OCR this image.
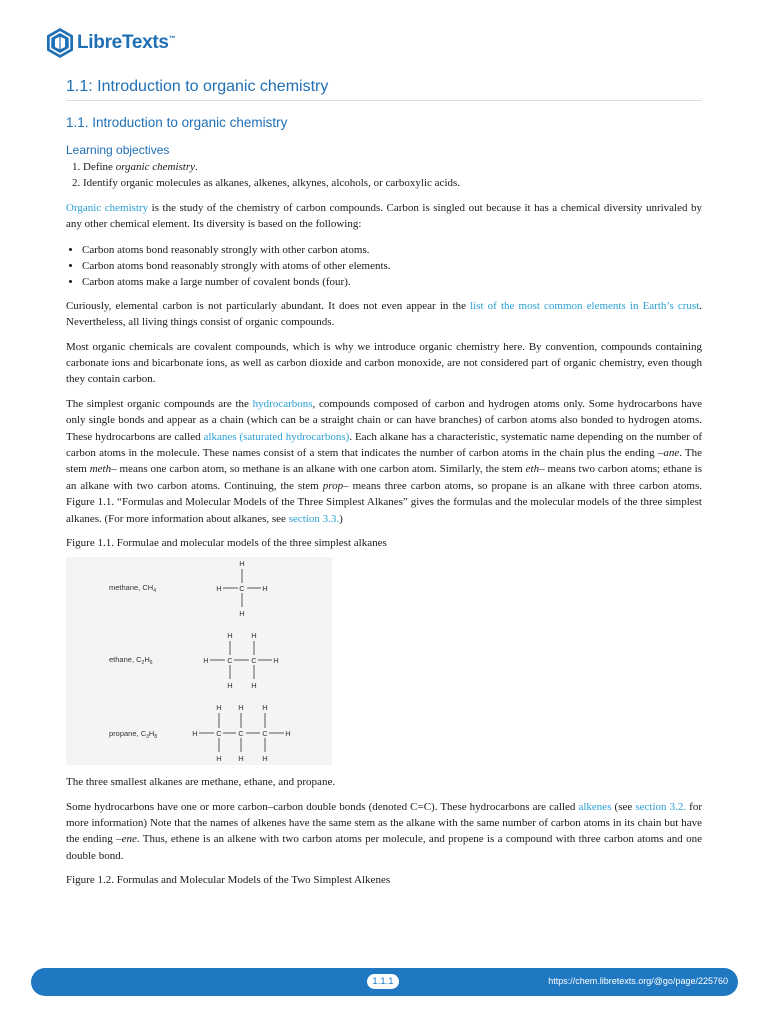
LibreTexts™
1.1: Introduction to organic chemistry
1.1. Introduction to organic chemistry
Learning objectives
1. Define organic chemistry.
2. Identify organic molecules as alkanes, alkenes, alkynes, alcohols, or carboxylic acids.

Organic chemistry is the study of the chemistry of carbon compounds. Carbon is singled out because it has a chemical diversity unrivaled by any other chemical element. Its diversity is based on the following:

• Carbon atoms bond reasonably strongly with other carbon atoms.
• Carbon atoms bond reasonably strongly with atoms of other elements.
• Carbon atoms make a large number of covalent bonds (four).

Curiously, elemental carbon is not particularly abundant. It does not even appear in the list of the most common elements in Earth’s crust. Nevertheless, all living things consist of organic compounds.

Most organic chemicals are covalent compounds, which is why we introduce organic chemistry here. By convention, compounds containing carbonate ions and bicarbonate ions, as well as carbon dioxide and carbon monoxide, are not considered part of organic chemistry, even though they contain carbon.

The simplest organic compounds are the hydrocarbons, compounds composed of carbon and hydrogen atoms only. Some hydrocarbons have only single bonds and appear as a chain (which can be a straight chain or can have branches) of carbon atoms also bonded to hydrogen atoms. These hydrocarbons are called alkanes (saturated hydrocarbons). Each alkane has a characteristic, systematic name depending on the number of carbon atoms in the molecule. These names consist of a stem that indicates the number of carbon atoms in the chain plus the ending –ane. The stem meth– means one carbon atom, so methane is an alkane with one carbon atom. Similarly, the stem eth– means two carbon atoms; ethane is an alkane with two carbon atoms. Continuing, the stem prop– means three carbon atoms, so propane is an alkane with three carbon atoms. Figure 1.1. “Formulas and Molecular Models of the Three Simplest Alkanes” gives the formulas and the molecular models of the three simplest alkanes. (For more information about alkanes, see section 3.3.)

Figure 1.1. Formulae and molecular models of the three simplest alkanes
methane, $CH_4$
ethane, $C_2H_6$
propane, $C_3H_8$
H
C
H
H	H
H H
H C C H
H H
H H H
H C C C H
H H H

The three smallest alkanes are methane, ethane, and propane.

Some hydrocarbons have one or more carbon–carbon double bonds (denoted C=C). These hydrocarbons are called alkenes (see section 3.2. for more information) Note that the names of alkenes have the same stem as the alkane with the same number of carbon atoms in its chain but have the ending –ene. Thus, ethene is an alkene with two carbon atoms per molecule, and propene is a compound with three carbon atoms and one double bond.

Figure 1.2. Formulas and Molecular Models of the Two Simplest Alkenes
1.1.1	https://chem.libretexts.org/@go/page/225760
